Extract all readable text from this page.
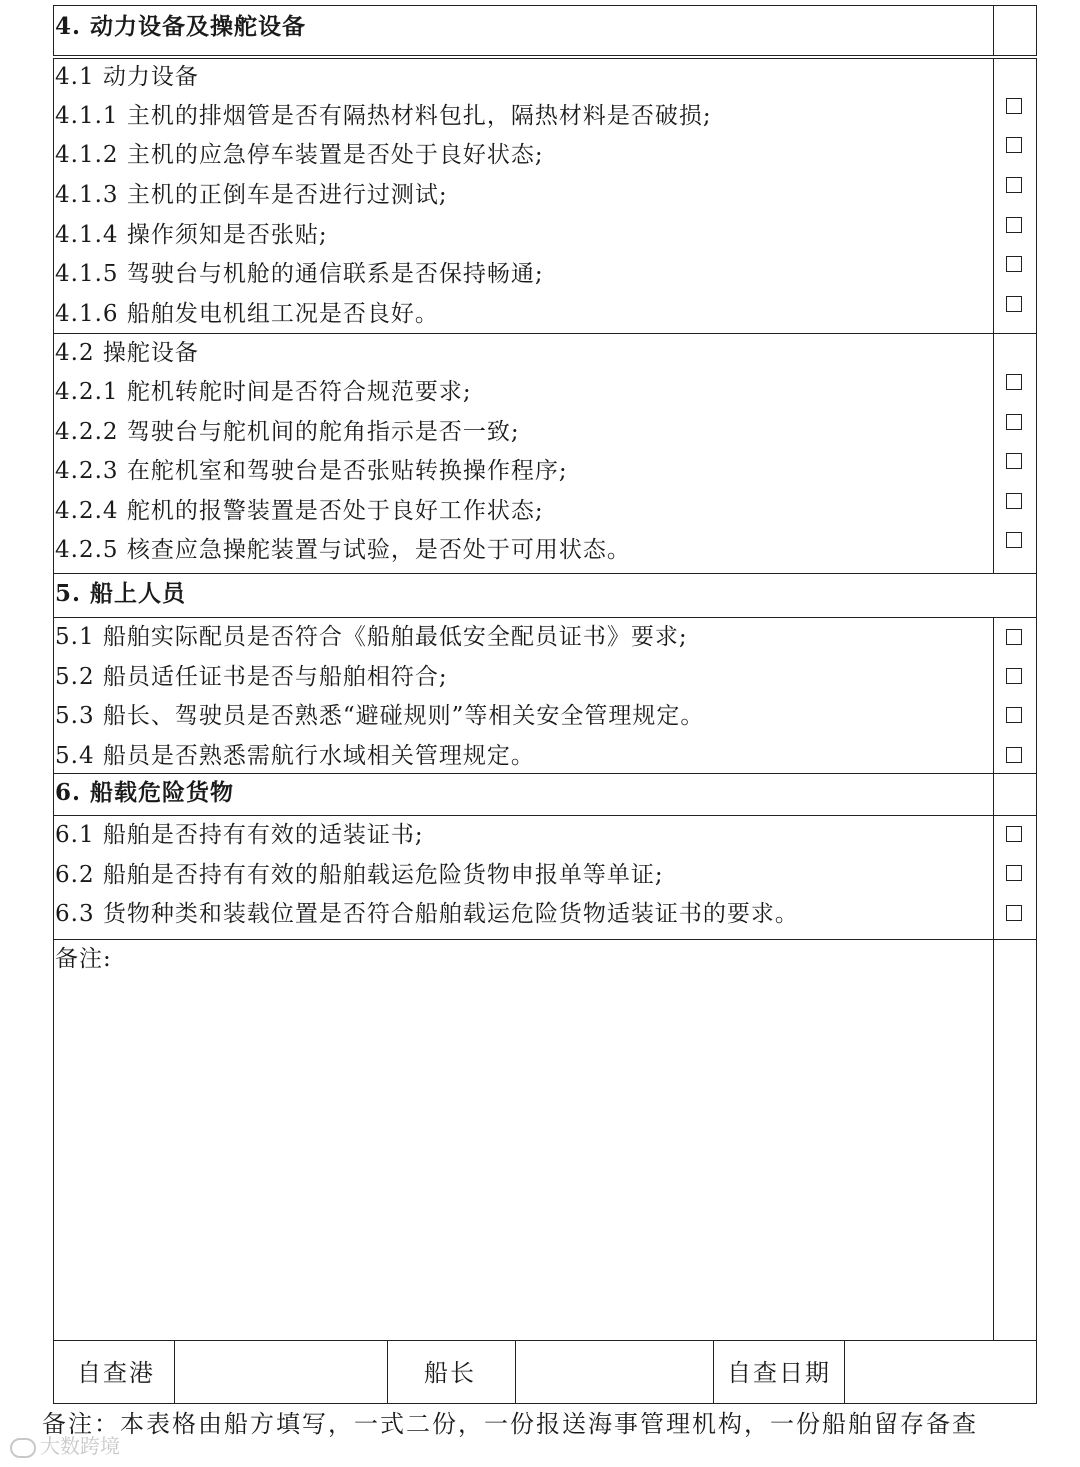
4. 动力设备及操舵设备
4.1 动力设备
4.1.1 主机的排烟管是否有隔热材料包扎，隔热材料是否破损;
4.1.2 主机的应急停车装置是否处于良好状态;
4.1.3 主机的正倒车是否进行过测试;
4.1.4 操作须知是否张贴;
4.1.5 驾驶台与机舱的通信联系是否保持畅通;
4.1.6 船舶发电机组工况是否良好。
4.2 操舵设备
4.2.1 舵机转舵时间是否符合规范要求;
4.2.2 驾驶台与舵机间的舵角指示是否一致;
4.2.3 在舵机室和驾驶台是否张贴转换操作程序;
4.2.4 舵机的报警装置是否处于良好工作状态;
4.2.5 核查应急操舵装置与试验，是否处于可用状态。
5. 船上人员
5.1 船舶实际配员是否符合《船舶最低安全配员证书》要求;
5.2 船员适任证书是否与船舶相符合;
5.3 船长、驾驶员是否熟悉“避碰规则”等相关安全管理规定。
5.4 船员是否熟悉需航行水域相关管理规定。
6. 船载危险货物
6.1 船舶是否持有有效的适装证书;
6.2 船舶是否持有有效的船舶载运危险货物申报单等单证;
6.3 货物种类和装载位置是否符合船舶载运危险货物适装证书的要求。
备注:
自查港	船长	自查日期
备注：本表格由船方填写，一式二份，一份报送海事管理机构，一份船舶留存备查
大数跨境
